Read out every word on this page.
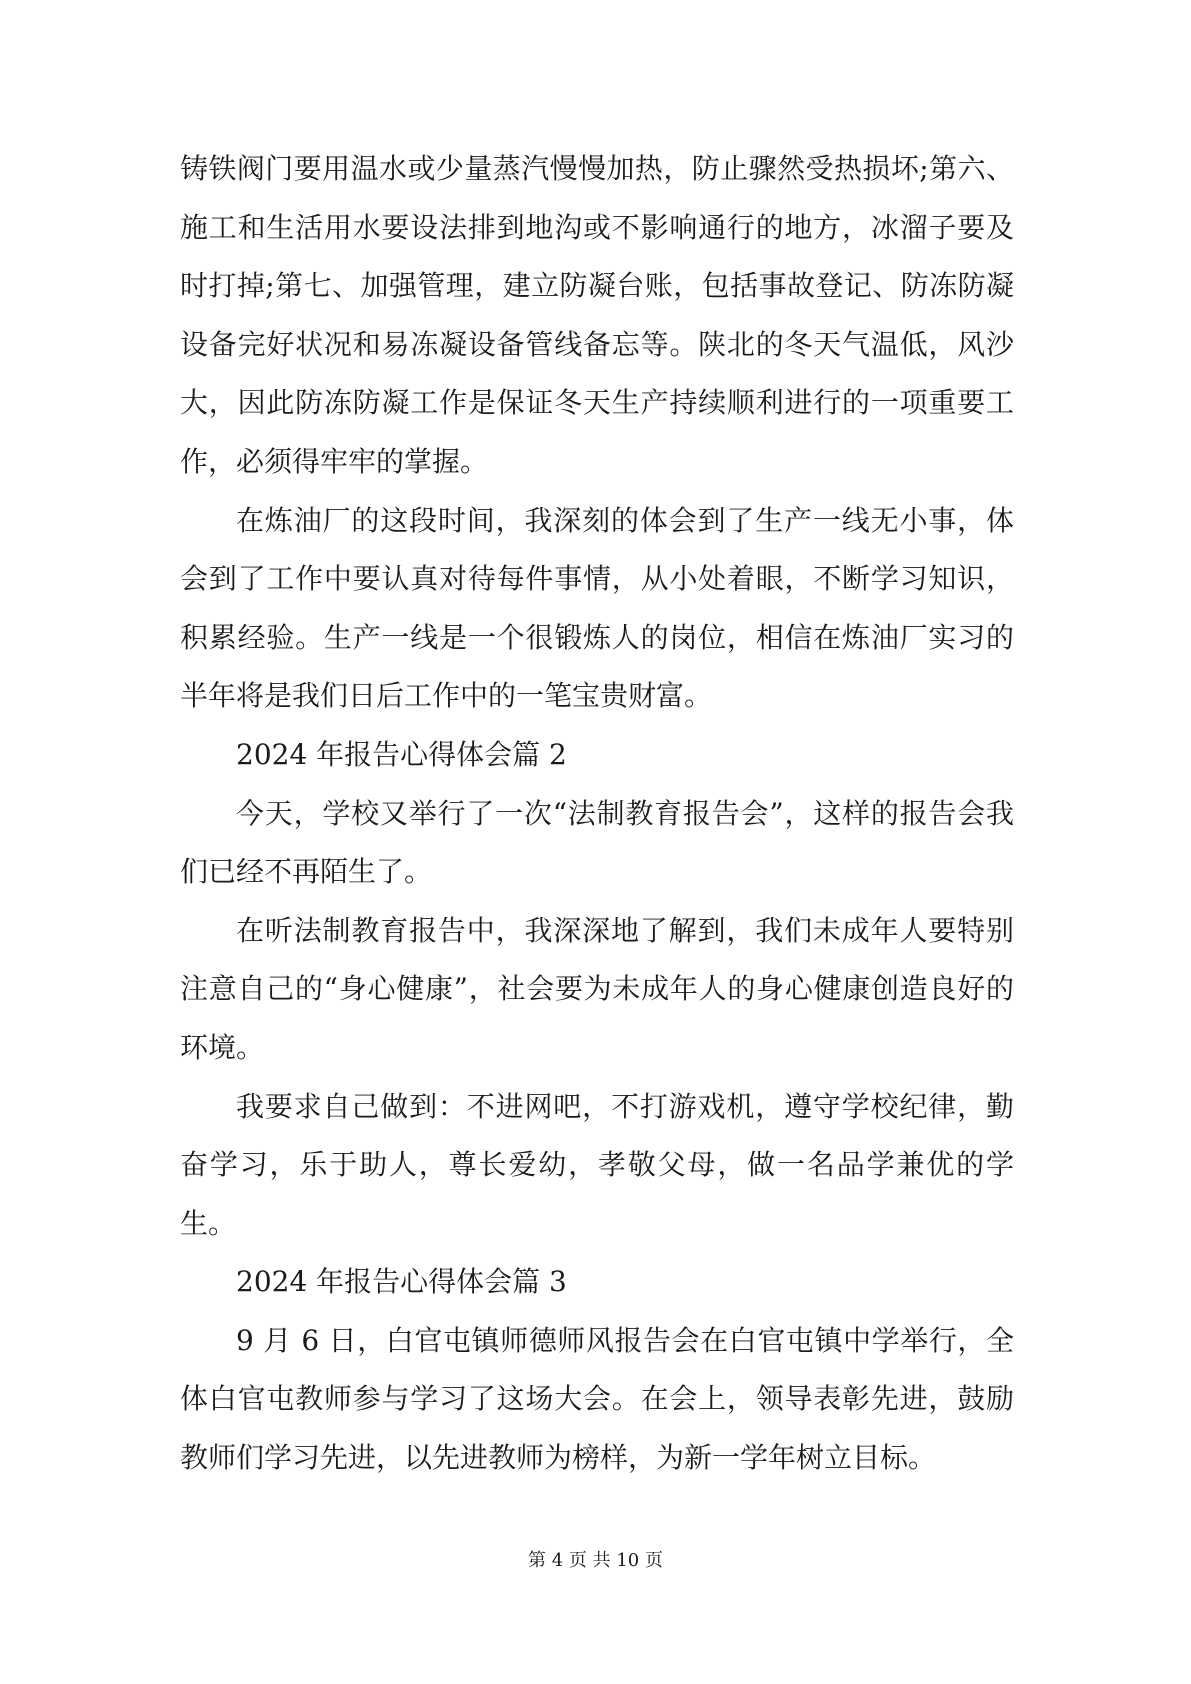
铸铁阀门要用温水或少量蒸汽慢慢加热，防止骤然受热损坏;第六、施工和生活用水要设法排到地沟或不影响通行的地方，冰溜子要及时打掉;第七、加强管理，建立防凝台账，包括事故登记、防冻防凝设备完好状况和易冻凝设备管线备忘等。陕北的冬天气温低，风沙大，因此防冻防凝工作是保证冬天生产持续顺利进行的一项重要工作，必须得牢牢的掌握。

在炼油厂的这段时间，我深刻的体会到了生产一线无小事，体会到了工作中要认真对待每件事情，从小处着眼，不断学习知识，积累经验。生产一线是一个很锻炼人的岗位，相信在炼油厂实习的半年将是我们日后工作中的一笔宝贵财富。

2024 年报告心得体会篇 2

今天，学校又举行了一次“法制教育报告会”，这样的报告会我们已经不再陌生了。

在听法制教育报告中，我深深地了解到，我们未成年人要特别注意自己的“身心健康”，社会要为未成年人的身心健康创造良好的环境。

我要求自己做到：不进网吧，不打游戏机，遵守学校纪律，勤奋学习，乐于助人，尊长爱幼，孝敬父母，做一名品学兼优的学生。

2024 年报告心得体会篇 3

9 月 6 日，白官屯镇师德师风报告会在白官屯镇中学举行，全体白官屯教师参与学习了这场大会。在会上，领导表彰先进，鼓励教师们学习先进，以先进教师为榜样，为新一学年树立目标。

第 4 页 共 10 页
